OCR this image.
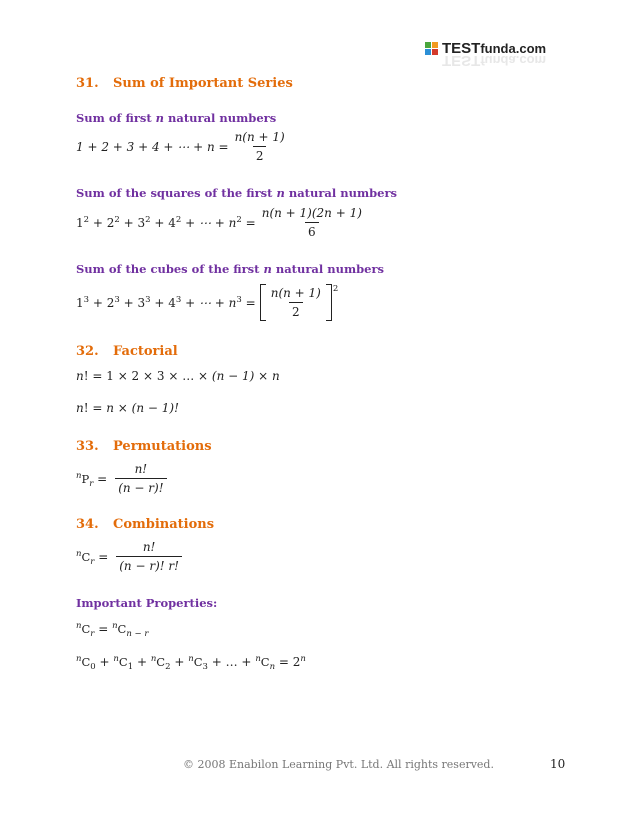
TESTfunda.com
TESTfunda.com
31. Sum of Important Series
Sum of first n natural numbers
1 + 2 + 3 + 4 + ⋯ + $n = \frac{n(n + 1)}{2}$
Sum of the squares of the first n natural numbers
$1^2 + 2^2 + 3^2 + 4^2$ + ⋯ + $n^2 = \frac{n(n + 1)(2n + 1)}{6}$
Sum of the cubes of the first n natural numbers
$1^3 + 2^3 + 3^3 + 4^3$ + ⋯ + $n^3 = \frac{n(n + 1)}{2} 2$
32. Factorial
n! = 1 × 2 × 3 × … × (n − 1) × n
n! = n × (n − 1)!
33. Permutations
$^nP_r = \frac{n!}{(n - r)!}$
34. Combinations
$^nC_r = \frac{n!}{(n - r)! r!}$
Important Properties:
$^nC_r = ^nC_{n - r}$
$^nC_0 + ^nC_1 + ^nC_2 + ^nC_3$ + … + $^nC_n = 2^n$
© 2008 Enabilon Learning Pvt. Ltd. All rights reserved.	10
